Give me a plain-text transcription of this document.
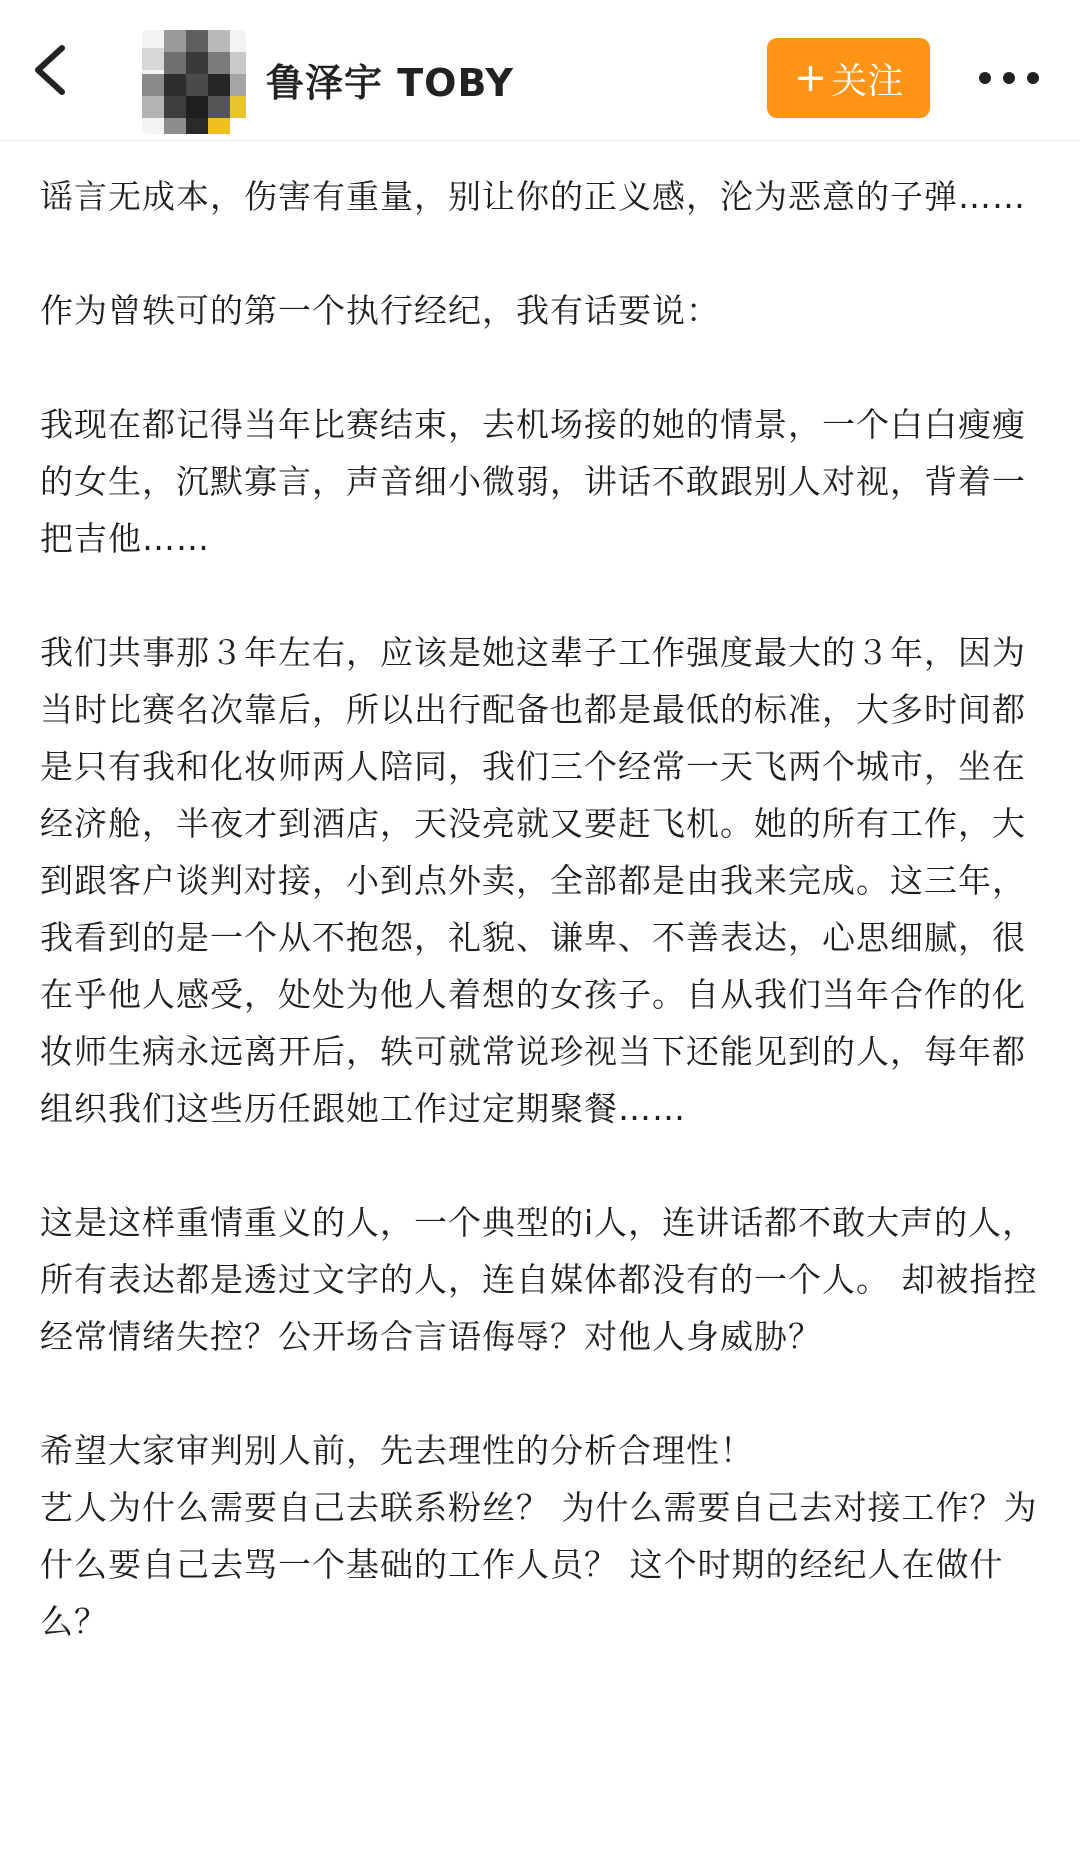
鲁泽宇 TOBY	+ 关注

谣言无成本，伤害有重量，别让你的正义感，沦为恶意的子弹……

作为曾轶可的第一个执行经纪，我有话要说：

我现在都记得当年比赛结束，去机场接的她的情景，一个白白瘦瘦的女生，沉默寡言，声音细小微弱，讲话不敢跟别人对视，背着一把吉他……

我们共事那３年左右，应该是她这辈子工作强度最大的３年，因为当时比赛名次靠后，所以出行配备也都是最低的标准，大多时间都是只有我和化妆师两人陪同，我们三个经常一天飞两个城市，坐在经济舱，半夜才到酒店，天没亮就又要赶飞机。她的所有工作，大到跟客户谈判对接，小到点外卖，全部都是由我来完成。这三年，我看到的是一个从不抱怨，礼貌、谦卑、不善表达，心思细腻，很在乎他人感受，处处为他人着想的女孩子。自从我们当年合作的化妆师生病永远离开后，轶可就常说珍视当下还能见到的人，每年都组织我们这些历任跟她工作过定期聚餐……

这是这样重情重义的人，一个典型的i人，连讲话都不敢大声的人， 所有表达都是透过文字的人，连自媒体都没有的一个人。 却被指控经常情绪失控？公开场合言语侮辱？对他人身威胁？

希望大家审判别人前，先去理性的分析合理性！

艺人为什么需要自己去联系粉丝？ 为什么需要自己去对接工作？为什么要自己去骂一个基础的工作人员？ 这个时期的经纪人在做什么？
